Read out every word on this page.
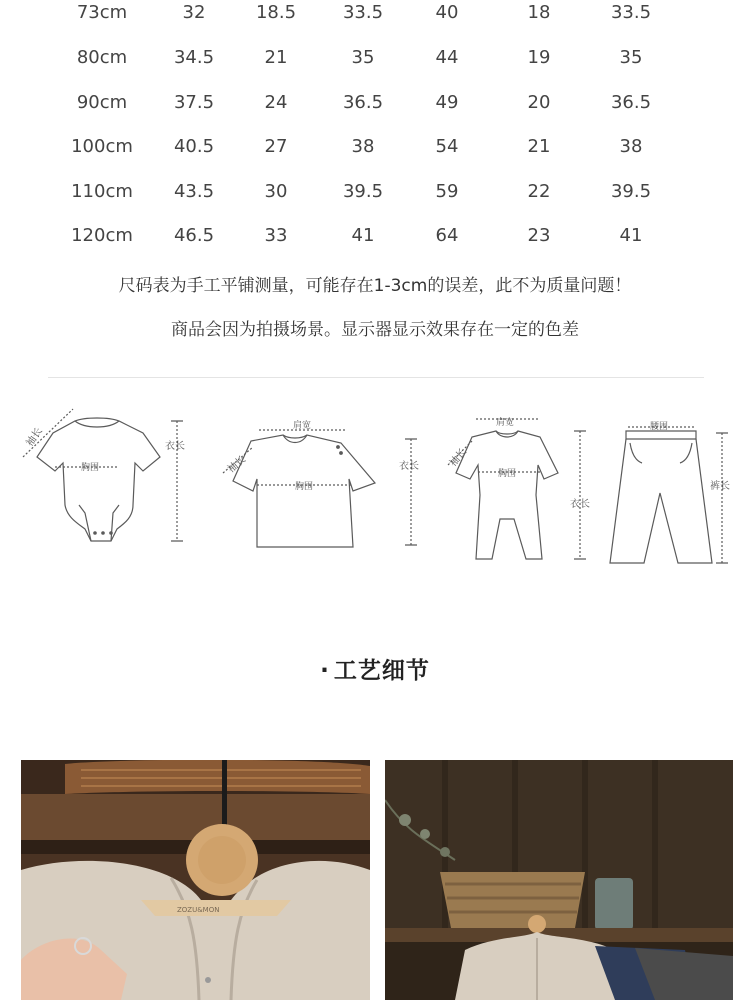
73cm	32	18.5	33.5	40	18	33.5
80cm	34.5	21	35	44	19	35
90cm	37.5	24	36.5	49	20	36.5
100cm	40.5	27	38	54	21	38
110cm	43.5	30	39.5	59	22	39.5
120cm	46.5	33	41	64	23	41
尺码表为手工平铺测量，可能存在1-3cm的误差，此不为质量问题！
商品会因为拍摄场景。显示器显示效果存在一定的色差
袖长
胸围
衣长
肩宽
袖长
胸围
衣长
肩宽
袖长
胸围
衣长
腰围
裤长
· 工艺细节
ZOZU&MON
